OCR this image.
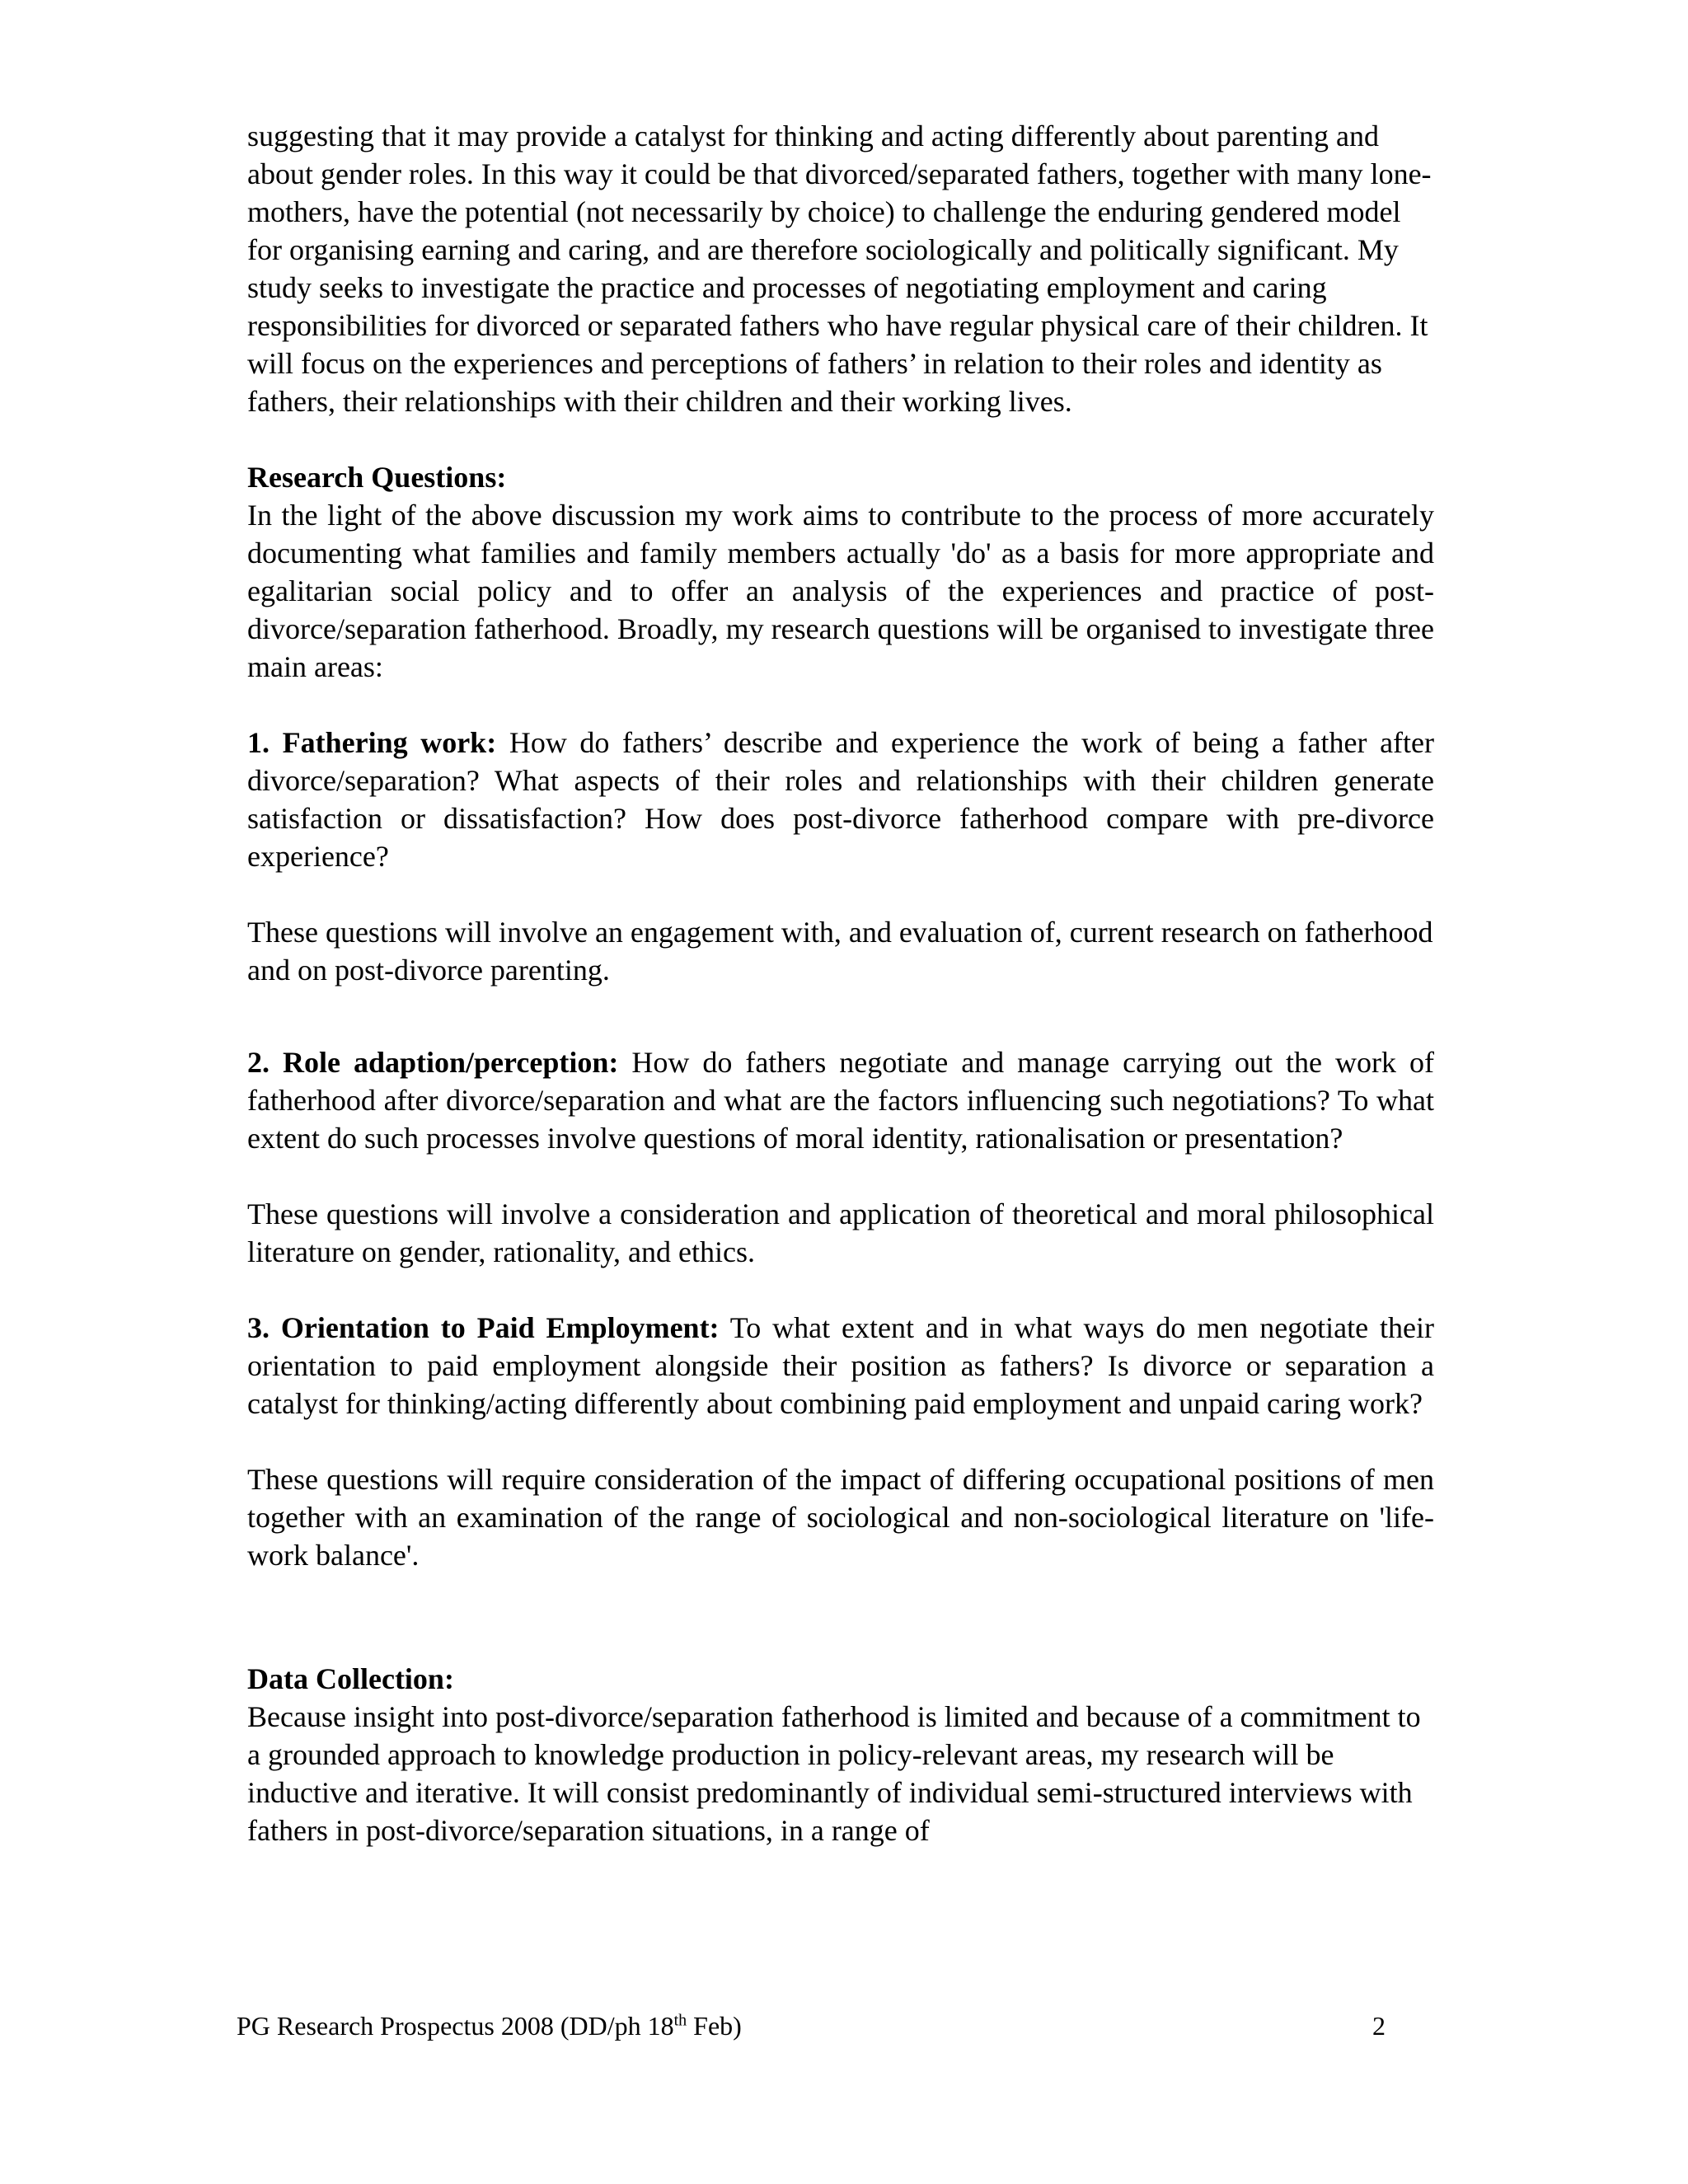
suggesting that it may provide a catalyst for thinking and acting differently about parenting and about gender roles. In this way it could be that divorced/separated fathers, together with many lone-mothers, have the potential (not necessarily by choice) to challenge the enduring gendered model for organising earning and caring, and are therefore sociologically and politically significant. My study seeks to investigate the practice and processes of negotiating employment and caring responsibilities for divorced or separated fathers who have regular physical care of their children. It will focus on the experiences and perceptions of fathers’ in relation to their roles and identity as fathers, their relationships with their children and their working lives.

Research Questions:

In the light of the above discussion my work aims to contribute to the process of more accurately documenting what families and family members actually 'do' as a basis for more appropriate and egalitarian social policy and to offer an analysis of the experiences and practice of post-divorce/separation fatherhood. Broadly, my research questions will be organised to investigate three main areas:

1. Fathering work: How do fathers’ describe and experience the work of being a father after divorce/separation? What aspects of their roles and relationships with their children generate satisfaction or dissatisfaction? How does post-divorce fatherhood compare with pre-divorce experience?

These questions will involve an engagement with, and evaluation of, current research on fatherhood and on post-divorce parenting.

2. Role adaption/perception: How do fathers negotiate and manage carrying out the work of fatherhood after divorce/separation and what are the factors influencing such negotiations? To what extent do such processes involve questions of moral identity, rationalisation or presentation?

These questions will involve a consideration and application of theoretical and moral philosophical literature on gender, rationality, and ethics.

3. Orientation to Paid Employment: To what extent and in what ways do men negotiate their orientation to paid employment alongside their position as fathers? Is divorce or separation a catalyst for thinking/acting differently about combining paid employment and unpaid caring work?

These questions will require consideration of the impact of differing occupational positions of men together with an examination of the range of sociological and non-sociological literature on 'life-work balance'.

Data Collection:

Because insight into post-divorce/separation fatherhood is limited and because of a commitment to a grounded approach to knowledge production in policy-relevant areas, my research will be inductive and iterative. It will consist predominantly of individual semi-structured interviews with fathers in post-divorce/separation situations, in a range of

PG Research Prospectus 2008 (DD/ph 18th Feb)	2
